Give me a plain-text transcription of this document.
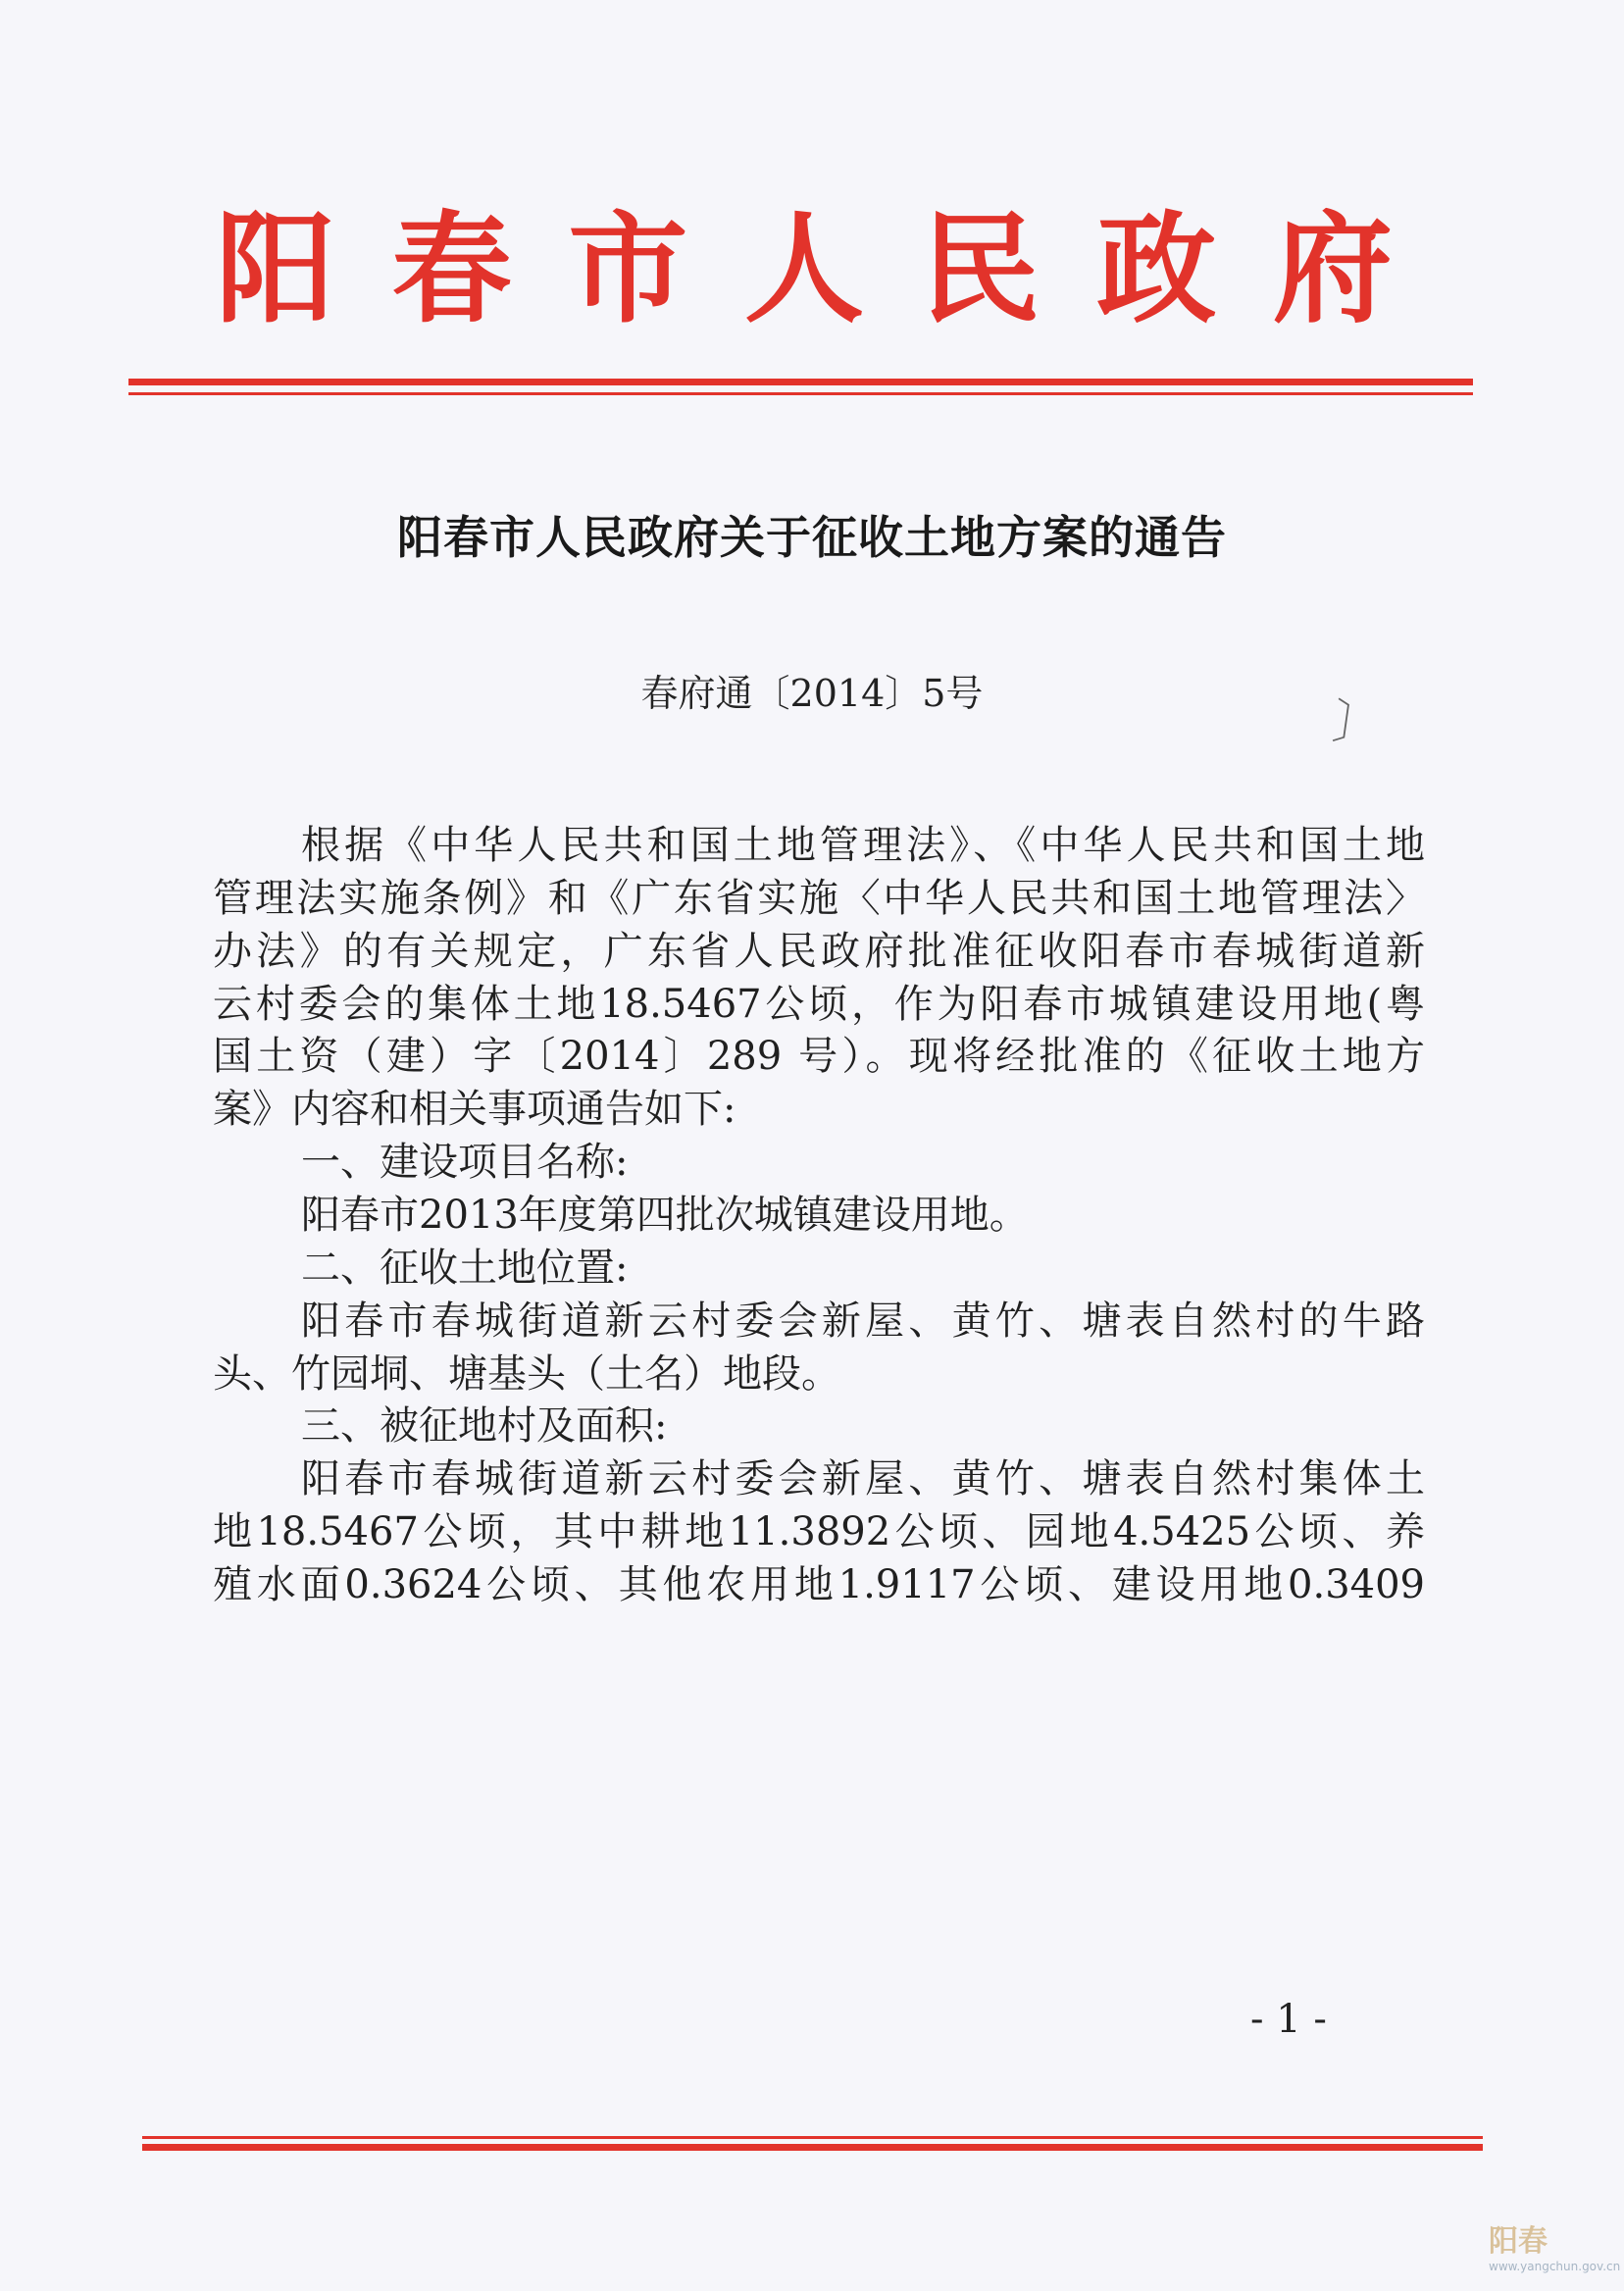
阳 春 市 人 民 政 府
阳春市人民政府关于征收土地方案的通告
春府通〔2014〕5号
根据《中华人民共和国土地管理法》、《中华人民共和国土地
管理法实施条例》和《广东省实施〈中华人民共和国土地管理法〉
办法》的有关规定，广东省人民政府批准征收阳春市春城街道新
云村委会的集体土地18.5467公顷，作为阳春市城镇建设用地(粤
国土资（建）字〔2014〕289 号）。现将经批准的《征收土地方
案》内容和相关事项通告如下:
一、建设项目名称:
阳春市2013年度第四批次城镇建设用地。
二、征收土地位置:
阳春市春城街道新云村委会新屋、黄竹、塘表自然村的牛路
头、竹园垌、塘基头（土名）地段。
三、被征地村及面积:
阳春市春城街道新云村委会新屋、黄竹、塘表自然村集体土
地18.5467公顷，其中耕地11.3892公顷、园地4.5425公顷、养
殖水面0.3624公顷、其他农用地1.9117公顷、建设用地0.3409
- 1 -
阳春
www.yangchun.gov.cn
〕
